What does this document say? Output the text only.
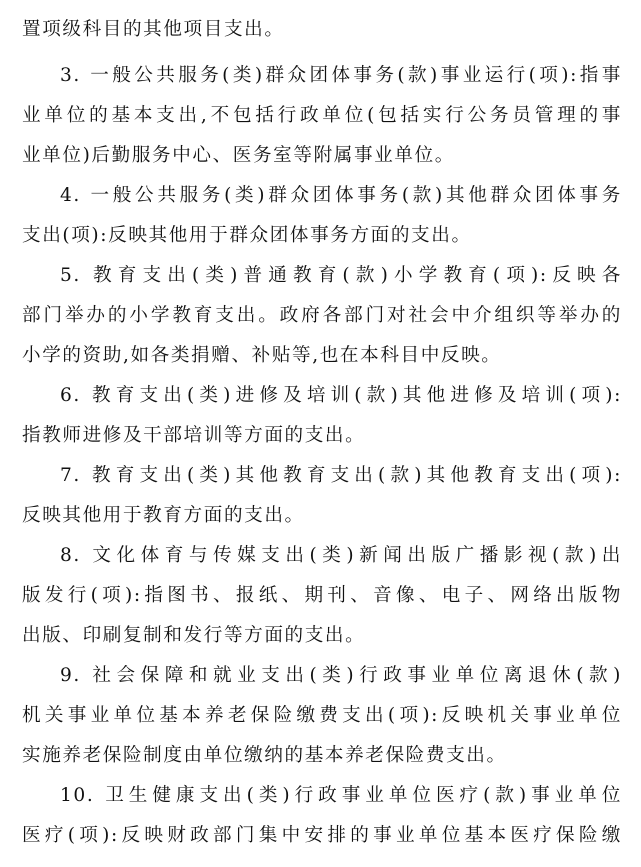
置项级科目的其他项目支出。
3. 一般公共服务(类)群众团体事务(款)事业运行(项):指事
业单位的基本支出,不包括行政单位(包括实行公务员管理的事
业单位)后勤服务中心、医务室等附属事业单位。
4. 一般公共服务(类)群众团体事务(款)其他群众团体事务
支出(项):反映其他用于群众团体事务方面的支出。
5. 教育支出(类)普通教育(款)小学教育(项):反映各
部门举办的小学教育支出。政府各部门对社会中介组织等举办的
小学的资助,如各类捐赠、补贴等,也在本科目中反映。
6. 教育支出(类)进修及培训(款)其他进修及培训(项):
指教师进修及干部培训等方面的支出。
7. 教育支出(类)其他教育支出(款)其他教育支出(项):
反映其他用于教育方面的支出。
8. 文化体育与传媒支出(类)新闻出版广播影视(款)出
版发行(项):指图书、报纸、期刊、音像、电子、网络出版物
出版、印刷复制和发行等方面的支出。
9. 社会保障和就业支出(类)行政事业单位离退休(款)
机关事业单位基本养老保险缴费支出(项):反映机关事业单位
实施养老保险制度由单位缴纳的基本养老保险费支出。
10. 卫生健康支出(类)行政事业单位医疗(款)事业单位
医疗(项):反映财政部门集中安排的事业单位基本医疗保险缴
